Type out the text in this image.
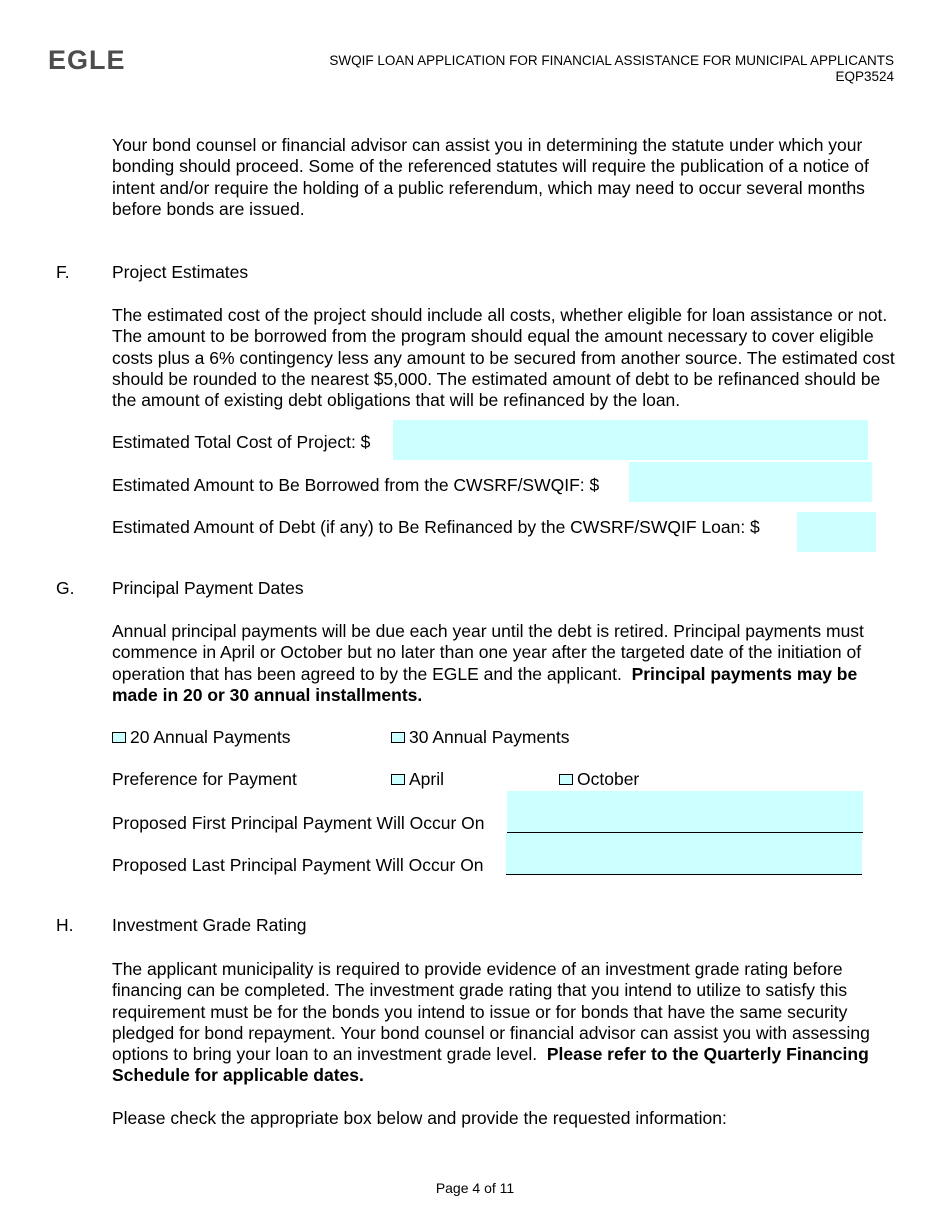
EGLE	SWQIF LOAN APPLICATION FOR FINANCIAL ASSISTANCE FOR MUNICIPAL APPLICANTS
EQP3524
Your bond counsel or financial advisor can assist you in determining the statute under which your bonding should proceed. Some of the referenced statutes will require the publication of a notice of intent and/or require the holding of a public referendum, which may need to occur several months before bonds are issued.
F. Project Estimates
The estimated cost of the project should include all costs, whether eligible for loan assistance or not. The amount to be borrowed from the program should equal the amount necessary to cover eligible costs plus a 6% contingency less any amount to be secured from another source. The estimated cost should be rounded to the nearest $5,000. The estimated amount of debt to be refinanced should be the amount of existing debt obligations that will be refinanced by the loan.
Estimated Total Cost of Project: $
Estimated Amount to Be Borrowed from the CWSRF/SWQIF: $
Estimated Amount of Debt (if any) to Be Refinanced by the CWSRF/SWQIF Loan: $
G. Principal Payment Dates
Annual principal payments will be due each year until the debt is retired. Principal payments must commence in April or October but no later than one year after the targeted date of the initiation of operation that has been agreed to by the EGLE and the applicant. Principal payments may be made in 20 or 30 annual installments.
20 Annual Payments	30 Annual Payments
Preference for Payment	April	October
Proposed First Principal Payment Will Occur On
Proposed Last Principal Payment Will Occur On
H. Investment Grade Rating
The applicant municipality is required to provide evidence of an investment grade rating before financing can be completed. The investment grade rating that you intend to utilize to satisfy this requirement must be for the bonds you intend to issue or for bonds that have the same security pledged for bond repayment. Your bond counsel or financial advisor can assist you with assessing options to bring your loan to an investment grade level. Please refer to the Quarterly Financing Schedule for applicable dates.
Please check the appropriate box below and provide the requested information:
Page 4 of 11
